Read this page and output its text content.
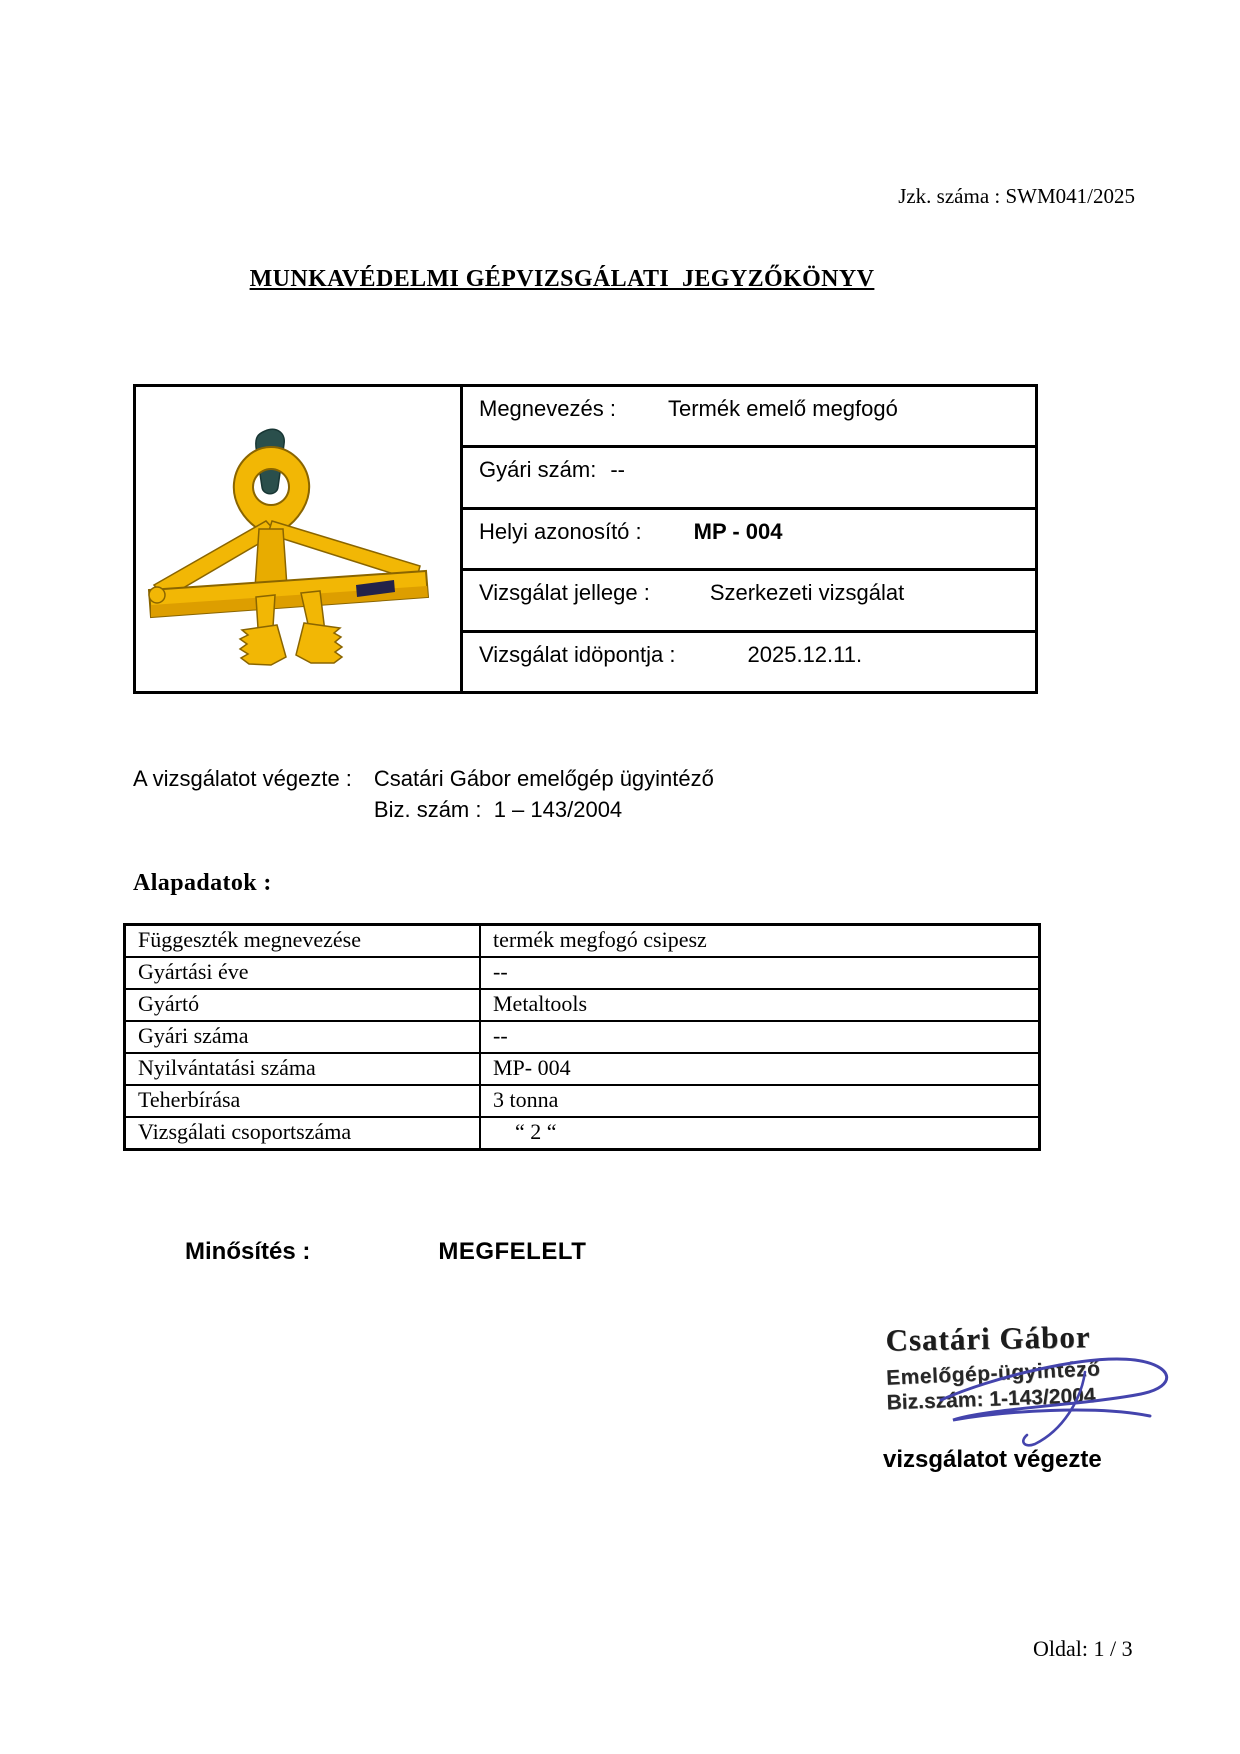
Jzk. száma : SWM041/2025
MUNKAVÉDELMI GÉPVIZSGÁLATI  JEGYZŐKÖNYV
Megnevezés : Termék emelő megfogó
Gyári szám: --
Helyi azonosító : MP - 004
Vizsgálat jellege :	Szerkezeti vizsgálat
Vizsgálat idöpontja :	2025.12.11.
A vizsgálatot végezte : Csatári Gábor emelőgép ügyintéző
Biz. szám :  1 – 143/2004
Alapadatok :
Függeszték megnevezése	termék megfogó csipesz
Gyártási éve	--
Gyártó	Metaltools
Gyári száma	--
Nyilvántatási száma	MP- 004
Teherbírása	3 tonna
Vizsgálati csoportszáma	“ 2 “
Minősítés :	MEGFELELT
Csatári Gábor
Emelőgép-ügyintéző
Biz.szám: 1-143/2004
vizsgálatot végezte
Oldal: 1 / 3
